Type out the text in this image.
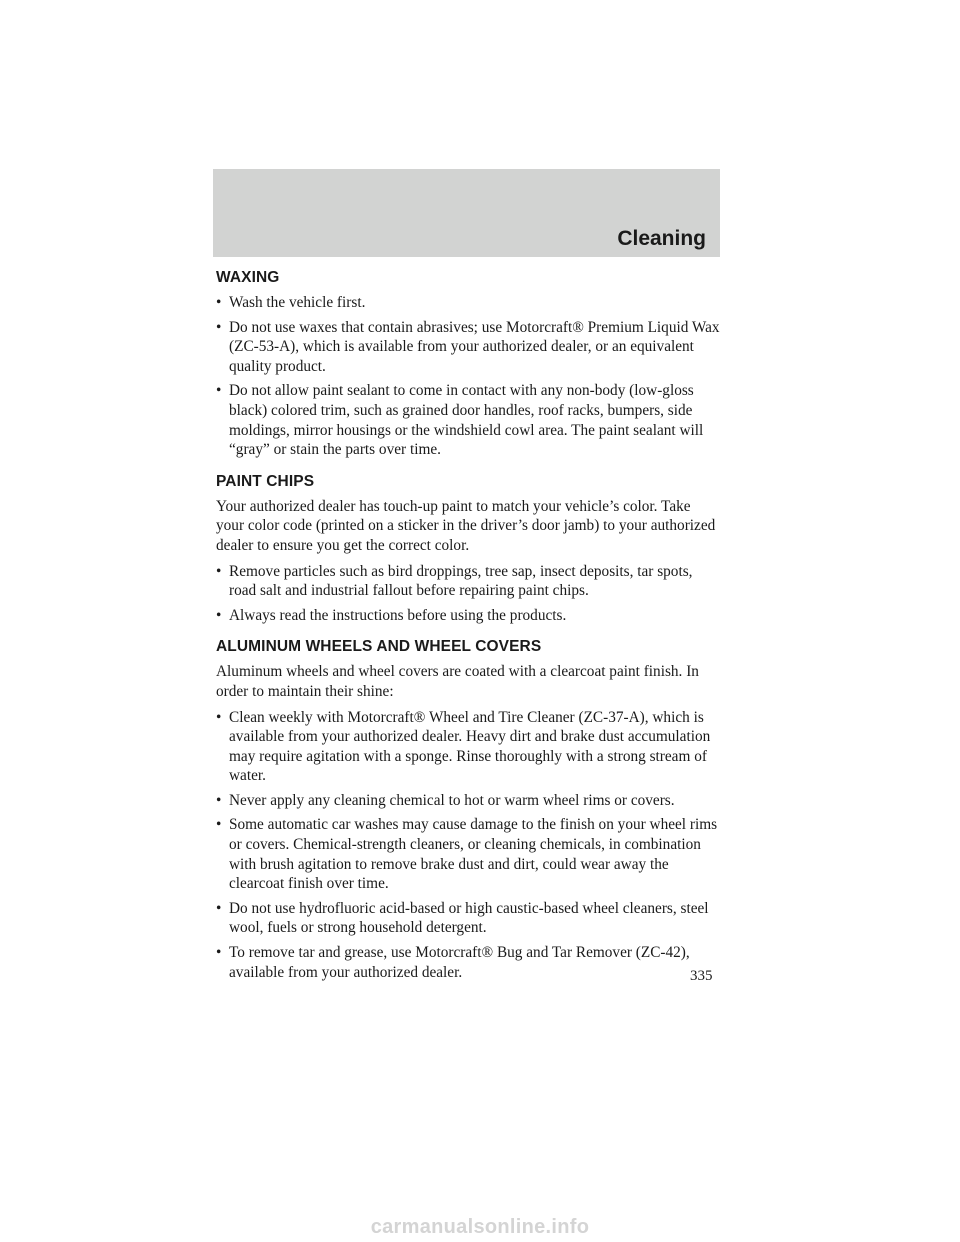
Cleaning
WAXING
• Wash the vehicle first.
• Do not use waxes that contain abrasives; use Motorcraft® Premium Liquid Wax (ZC-53-A), which is available from your authorized dealer, or an equivalent quality product.
• Do not allow paint sealant to come in contact with any non-body (low-gloss black) colored trim, such as grained door handles, roof racks, bumpers, side moldings, mirror housings or the windshield cowl area. The paint sealant will “gray” or stain the parts over time.
PAINT CHIPS

Your authorized dealer has touch-up paint to match your vehicle’s color. Take your color code (printed on a sticker in the driver’s door jamb) to your authorized dealer to ensure you get the correct color.

• Remove particles such as bird droppings, tree sap, insect deposits, tar spots, road salt and industrial fallout before repairing paint chips.
• Always read the instructions before using the products.
ALUMINUM WHEELS AND WHEEL COVERS

Aluminum wheels and wheel covers are coated with a clearcoat paint finish. In order to maintain their shine:

• Clean weekly with Motorcraft® Wheel and Tire Cleaner (ZC-37-A), which is available from your authorized dealer. Heavy dirt and brake dust accumulation may require agitation with a sponge. Rinse thoroughly with a strong stream of water.
• Never apply any cleaning chemical to hot or warm wheel rims or covers.
• Some automatic car washes may cause damage to the finish on your wheel rims or covers. Chemical-strength cleaners, or cleaning chemicals, in combination with brush agitation to remove brake dust and dirt, could wear away the clearcoat finish over time.
• Do not use hydrofluoric acid-based or high caustic-based wheel cleaners, steel wool, fuels or strong household detergent.
• To remove tar and grease, use Motorcraft® Bug and Tar Remover (ZC-42), available from your authorized dealer.	335
carmanualsonline.info
